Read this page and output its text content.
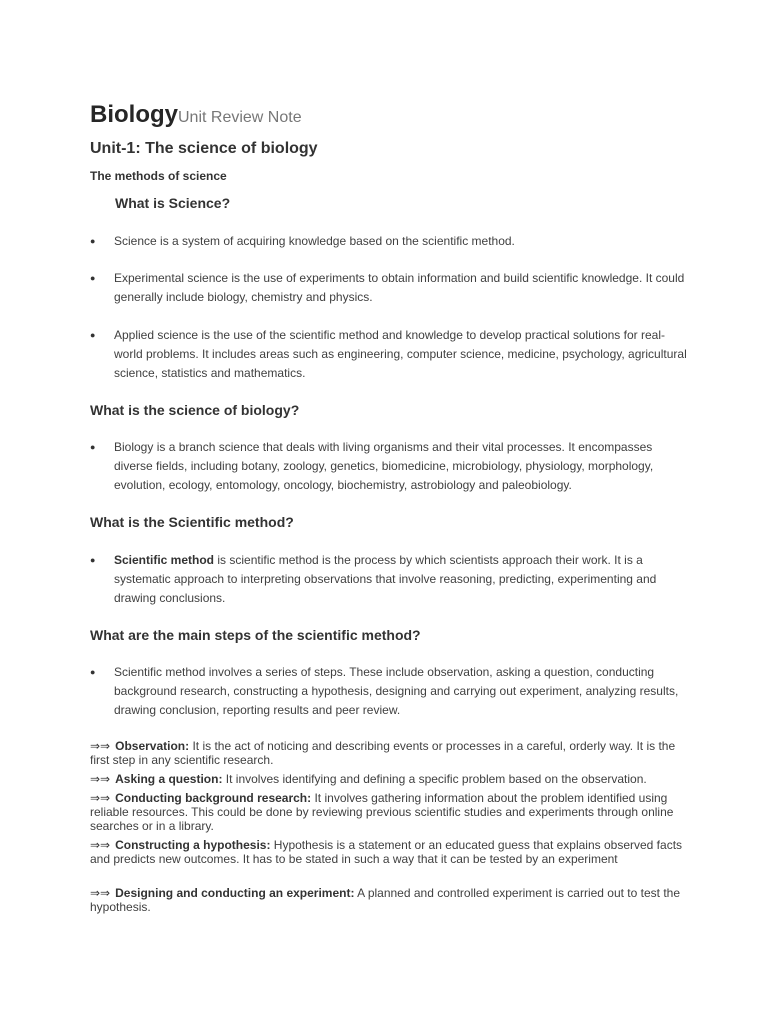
BiologyUnit Review Note
Unit-1: The science of biology
The methods of science
What is Science?
● Science is a system of acquiring knowledge based on the scientific method.
● Experimental science is the use of experiments to obtain information and build scientific knowledge. It could generally include biology, chemistry and physics.
● Applied science is the use of the scientific method and knowledge to develop practical solutions for real-world problems. It includes areas such as engineering, computer science, medicine, psychology, agricultural science, statistics and mathematics.
What is the science of biology?
● Biology is a branch science that deals with living organisms and their vital processes. It encompasses diverse fields, including botany, zoology, genetics, biomedicine, microbiology, physiology, morphology, evolution, ecology, entomology, oncology, biochemistry, astrobiology and paleobiology.
What is the Scientific method?
● Scientific method is scientific method is the process by which scientists approach their work. It is a systematic approach to interpreting observations that involve reasoning, predicting, experimenting and drawing conclusions.
What are the main steps of the scientific method?
● Scientific method involves a series of steps. These include observation, asking a question, conducting background research, constructing a hypothesis, designing and carrying out experiment, analyzing results, drawing conclusion, reporting results and peer review.
⇒⇒ Observation: It is the act of noticing and describing events or processes in a careful, orderly way. It is the first step in any scientific research.
⇒⇒ Asking a question: It involves identifying and defining a specific problem based on the observation.
⇒⇒ Conducting background research: It involves gathering information about the problem identified using reliable resources. This could be done by reviewing previous scientific studies and experiments through online searches or in a library.
⇒⇒ Constructing a hypothesis: Hypothesis is a statement or an educated guess that explains observed facts and predicts new outcomes. It has to be stated in such a way that it can be tested by an experiment
⇒⇒ Designing and conducting an experiment: A planned and controlled experiment is carried out to test the hypothesis.
